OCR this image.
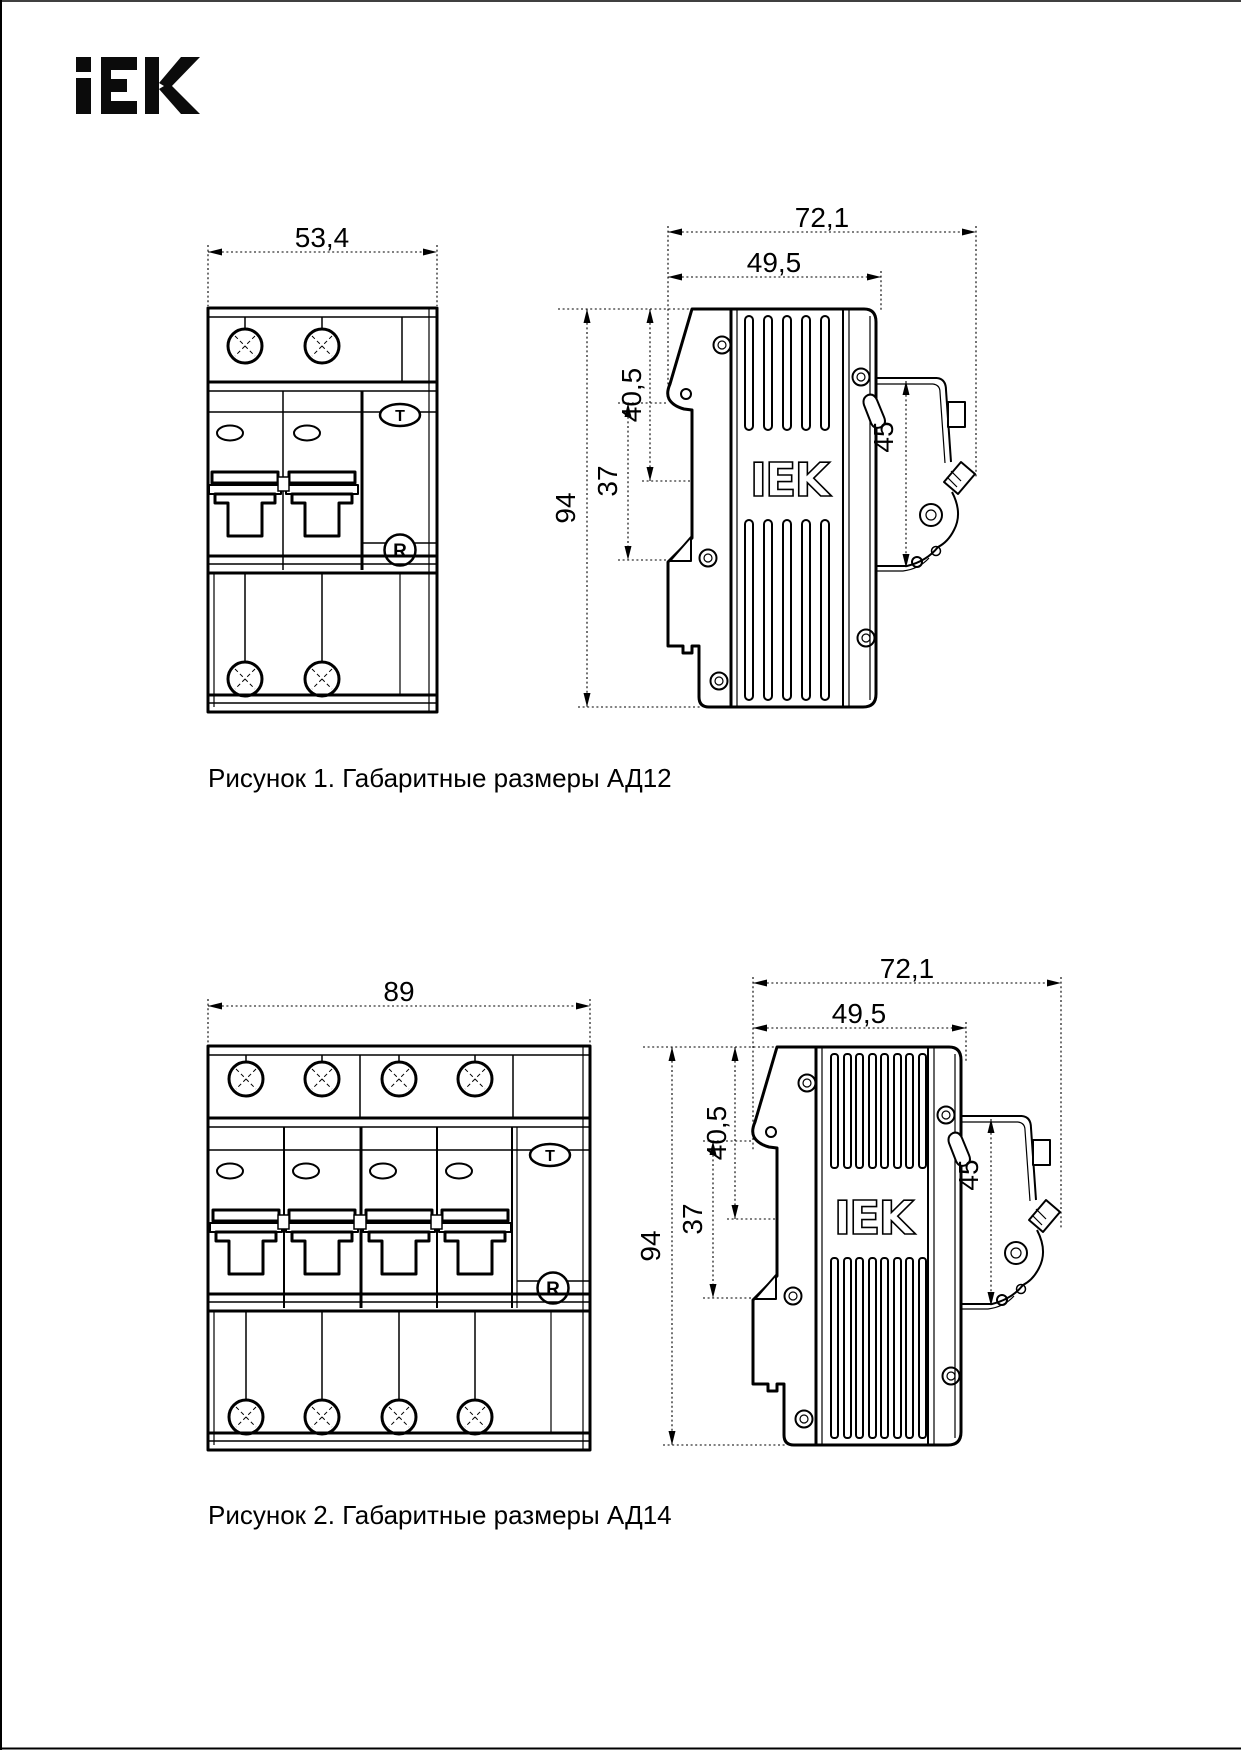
53,4
T
R
IEK
72,1
49,5
40,5
37
94
45
89
T
R
IEK
72,1
49,5
40,5
37
94
45
Рисунок 1. Габаритные размеры АД12
Рисунок 2. Габаритные размеры АД14
